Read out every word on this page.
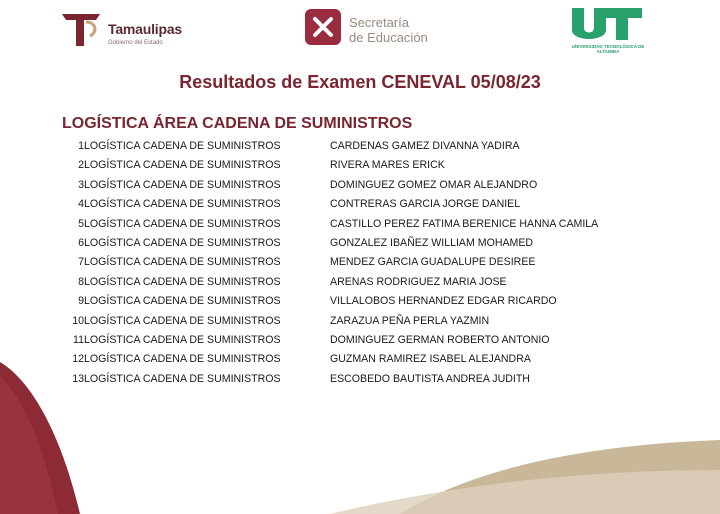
Tamaulipas
Gobierno del Estado
Secretaría
de Educación
UNIVERSIDAD TECNOLÓGICA DE ALTAMIRA
Resultados de Examen CENEVAL 05/08/23
LOGÍSTICA ÁREA CADENA DE SUMINISTROS
1 LOGÍSTICA CADENA DE SUMINISTROS	CARDENAS GAMEZ DIVANNA YADIRA
2 LOGÍSTICA CADENA DE SUMINISTROS	RIVERA MARES ERICK
3 LOGÍSTICA CADENA DE SUMINISTROS	DOMINGUEZ GOMEZ OMAR ALEJANDRO
4 LOGÍSTICA CADENA DE SUMINISTROS	CONTRERAS GARCIA JORGE DANIEL
5 LOGÍSTICA CADENA DE SUMINISTROS	CASTILLO PEREZ FATIMA BERENICE HANNA CAMILA
6 LOGÍSTICA CADENA DE SUMINISTROS	GONZALEZ IBAÑEZ WILLIAM MOHAMED
7 LOGÍSTICA CADENA DE SUMINISTROS	MENDEZ GARCIA GUADALUPE DESIREE
8 LOGÍSTICA CADENA DE SUMINISTROS	ARENAS RODRIGUEZ MARIA JOSE
9 LOGÍSTICA CADENA DE SUMINISTROS	VILLALOBOS HERNANDEZ EDGAR RICARDO
10 LOGÍSTICA CADENA DE SUMINISTROS	ZARAZUA PEÑA PERLA YAZMIN
11 LOGÍSTICA CADENA DE SUMINISTROS	DOMINGUEZ GERMAN ROBERTO ANTONIO
12 LOGÍSTICA CADENA DE SUMINISTROS	GUZMAN RAMIREZ ISABEL ALEJANDRA
13 LOGÍSTICA CADENA DE SUMINISTROS	ESCOBEDO BAUTISTA ANDREA JUDITH
